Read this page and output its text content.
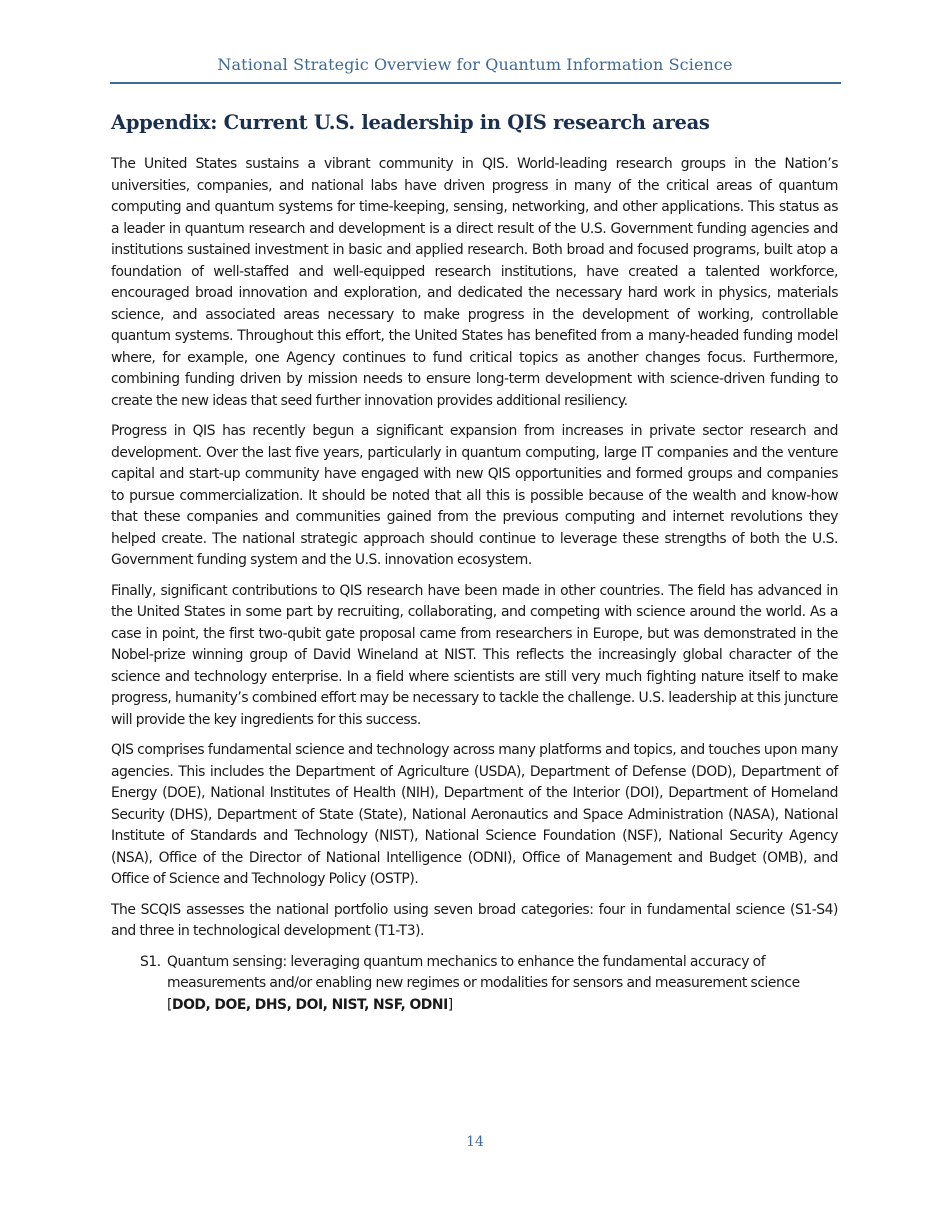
National Strategic Overview for Quantum Information Science
Appendix: Current U.S. leadership in QIS research areas

The United States sustains a vibrant community in QIS. World-leading research groups in the Nation’s universities, companies, and national labs have driven progress in many of the critical areas of quantum computing and quantum systems for time-keeping, sensing, networking, and other applications. This status as a leader in quantum research and development is a direct result of the U.S. Government funding agencies and institutions sustained investment in basic and applied research. Both broad and focused programs, built atop a foundation of well-staffed and well-equipped research institutions, have created a talented workforce, encouraged broad innovation and exploration, and dedicated the necessary hard work in physics, materials science, and associated areas necessary to make progress in the development of working, controllable quantum systems. Throughout this effort, the United States has benefited from a many-headed funding model where, for example, one Agency continues to fund critical topics as another changes focus. Furthermore, combining funding driven by mission needs to ensure long-term development with science-driven funding to create the new ideas that seed further innovation provides additional resiliency.

Progress in QIS has recently begun a significant expansion from increases in private sector research and development. Over the last five years, particularly in quantum computing, large IT companies and the venture capital and start-up community have engaged with new QIS opportunities and formed groups and companies to pursue commercialization. It should be noted that all this is possible because of the wealth and know-how that these companies and communities gained from the previous computing and internet revolutions they helped create. The national strategic approach should continue to leverage these strengths of both the U.S. Government funding system and the U.S. innovation ecosystem.

Finally, significant contributions to QIS research have been made in other countries. The field has advanced in the United States in some part by recruiting, collaborating, and competing with science around the world. As a case in point, the first two-qubit gate proposal came from researchers in Europe, but was demonstrated in the Nobel-prize winning group of David Wineland at NIST. This reflects the increasingly global character of the science and technology enterprise. In a field where scientists are still very much fighting nature itself to make progress, humanity’s combined effort may be necessary to tackle the challenge. U.S. leadership at this juncture will provide the key ingredients for this success.

QIS comprises fundamental science and technology across many platforms and topics, and touches upon many agencies. This includes the Department of Agriculture (USDA), Department of Defense (DOD), Department of Energy (DOE), National Institutes of Health (NIH), Department of the Interior (DOI), Department of Homeland Security (DHS), Department of State (State), National Aeronautics and Space Administration (NASA), National Institute of Standards and Technology (NIST), National Science Foundation (NSF), National Security Agency (NSA), Office of the Director of National Intelligence (ODNI), Office of Management and Budget (OMB), and Office of Science and Technology Policy (OSTP).

The SCQIS assesses the national portfolio using seven broad categories: four in fundamental science (S1-S4) and three in technological development (T1-T3).

S1. Quantum sensing: leveraging quantum mechanics to enhance the fundamental accuracy of measurements and/or enabling new regimes or modalities for sensors and measurement science [DOD, DOE, DHS, DOI, NIST, NSF, ODNI]
14
